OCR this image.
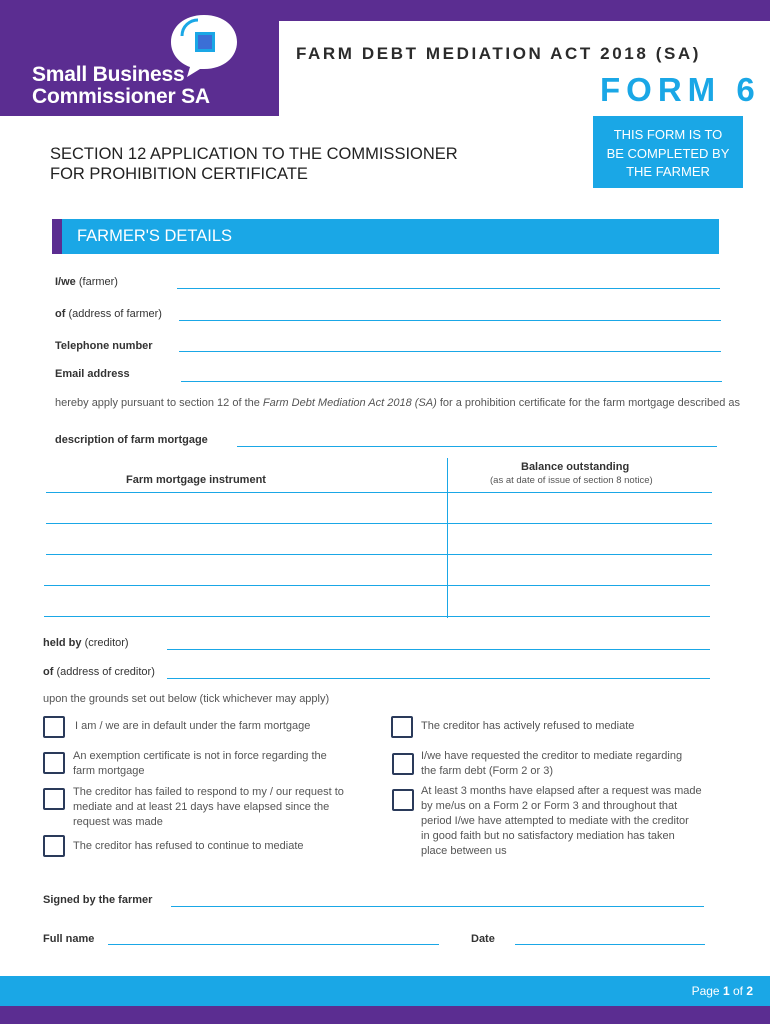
Small Business
Commissioner SA
FARM DEBT MEDIATION ACT 2018 (SA)
FORM 6
THIS FORM IS TO
BE COMPLETED BY
THE FARMER
SECTION 12 APPLICATION TO THE COMMISSIONER
FOR PROHIBITION CERTIFICATE
FARMER'S DETAILS
I/we (farmer)
of (address of farmer)
Telephone number
Email address
hereby apply pursuant to section 12 of the Farm Debt Mediation Act 2018 (SA) for a prohibition certificate for the farm mortgage described as
description of farm mortgage
Farm mortgage instrument
Balance outstanding
(as at date of issue of section 8 notice)
held by (creditor)
of (address of creditor)
upon the grounds set out below (tick whichever may apply)
I am / we are in default under the farm mortgage
An exemption certificate is not in force regarding the
farm mortgage
The creditor has failed to respond to my / our request to
mediate and at least 21 days have elapsed since the
request was made
The creditor has refused to continue to mediate
The creditor has actively refused to mediate
I/we have requested the creditor to mediate regarding
the farm debt (Form 2 or 3)
At least 3 months have elapsed after a request was made
by me/us on a Form 2 or Form 3 and throughout that
period I/we have attempted to mediate with the creditor
in good faith but no satisfactory mediation has taken
place between us
Signed by the farmer
Full name	Date
Page 1 of 2
